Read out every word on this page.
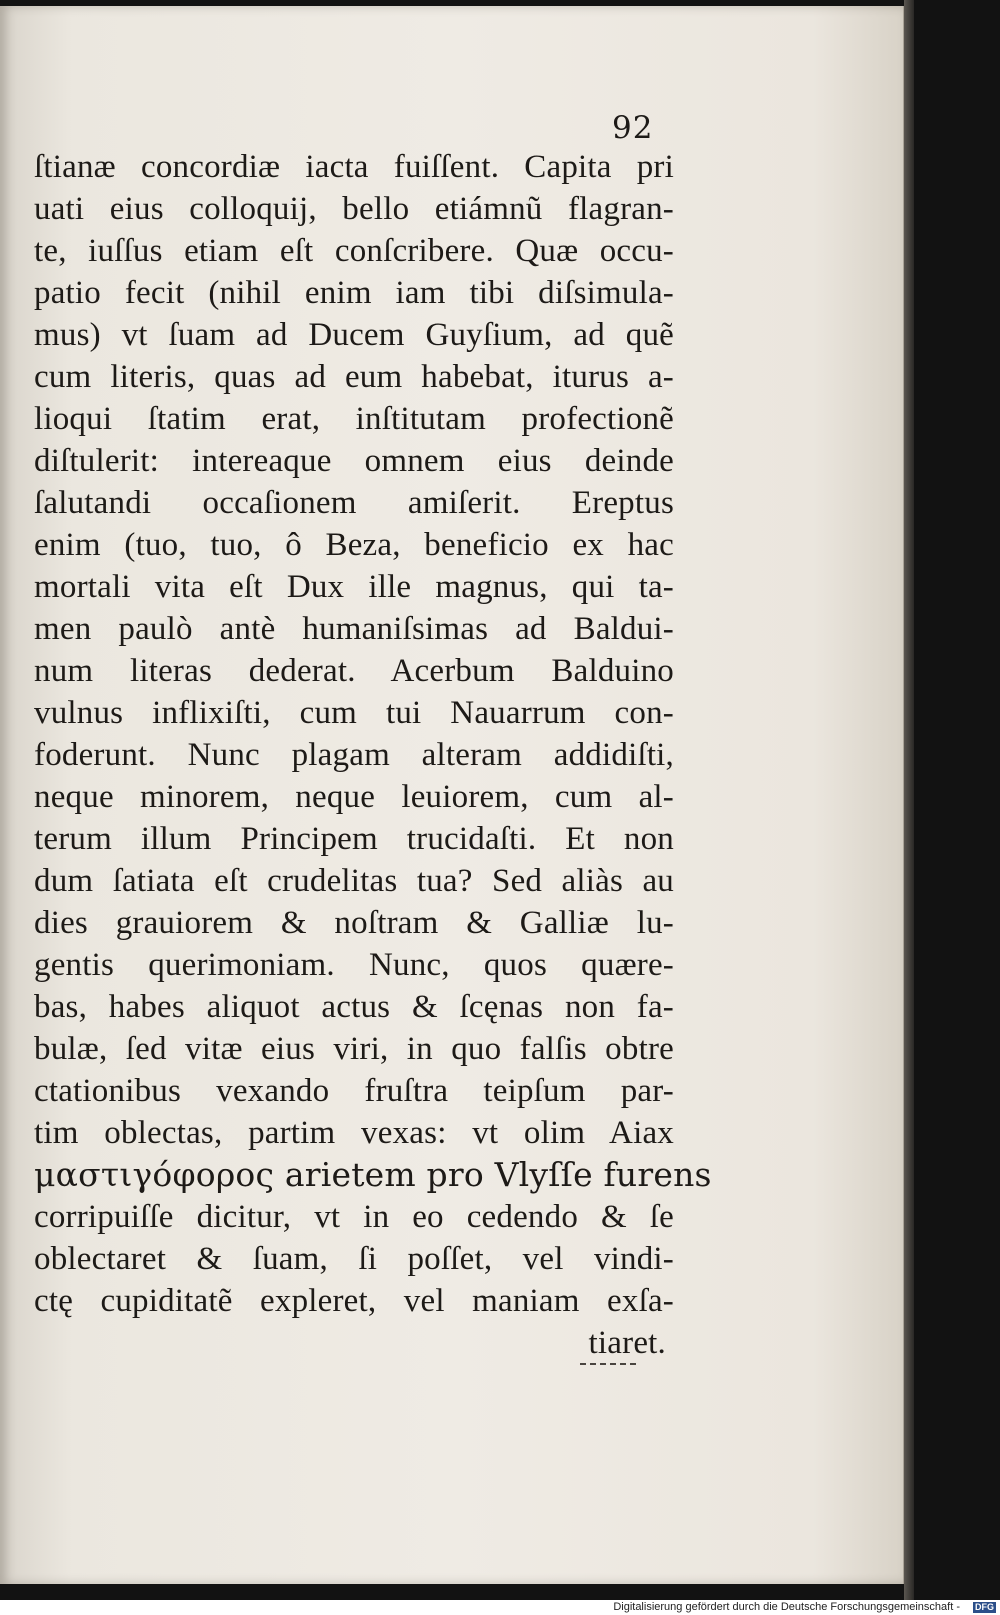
92
ſtianæ concordiæ iacta fuiſſent. Capita pri
uati eius colloquij, bello etiámnũ flagran-
te, iuſſus etiam eſt conſcribere. Quæ occu-
patio fecit (nihil enim iam tibi diſsimula-
mus) vt ſuam ad Ducem Guyſium, ad quẽ
cum literis, quas ad eum habebat, iturus a-
lioqui ſtatim erat, inſtitutam profectionẽ
diſtulerit: intereaque omnem eius deinde
ſalutandi occaſionem amiſerit. Ereptus
enim (tuo, tuo, ô Beza, beneficio ex hac
mortali vita eſt Dux ille magnus, qui ta-
men paulò antè humaniſsimas ad Baldui-
num literas dederat. Acerbum Balduino
vulnus inflixiſti, cum tui Nauarrum con-
foderunt. Nunc plagam alteram addidiſti,
neque minorem, neque leuiorem, cum al-
terum illum Principem trucidaſti. Et non
dum ſatiata eſt crudelitas tua? Sed aliàs au
dies grauiorem & noſtram & Galliæ lu-
gentis querimoniam. Nunc, quos quære-
bas, habes aliquot actus & ſcęnas non fa-
bulæ, ſed vitæ eius viri, in quo falſis obtre
ctationibus vexando fruſtra teipſum par-
tim oblectas, partim vexas: vt olim Aiax
μαστιγόφορος arietem pro Vlyſſe furens
corripuiſſe dicitur, vt in eo cedendo & ſe
oblectaret & ſuam, ſi poſſet, vel vindi-
ctę cupiditatẽ expleret, vel maniam exſa-
tiaret.
Digitalisierung gefördert durch die Deutsche Forschungsgemeinschaft - DFG
